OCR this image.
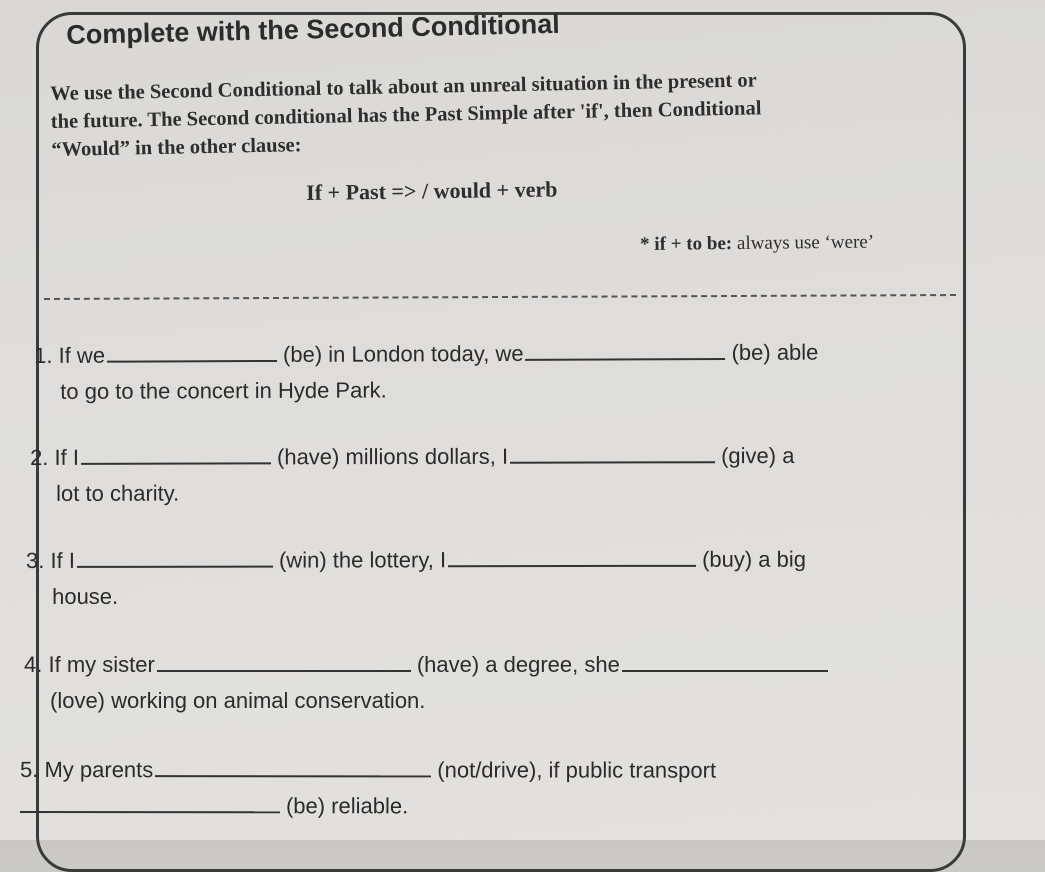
Complete with the Second Conditional
We use the Second Conditional to talk about an unreal situation in the present or
the future. The Second conditional has the Past Simple after 'if', then Conditional
“Would” in the other clause:
If + Past => / would + verb
* if + to be: always use ‘were’
1. If we	(be) in London today, we	(be) able
to go to the concert in Hyde Park.
2. If I	(have) millions dollars, I	(give) a
lot to charity.
3. If I	(win) the lottery, I	(buy) a big
house.
4. If my sister	(have) a degree, she
(love) working on animal conservation.
5. My parents	(not/drive), if public transport
(be) reliable.
